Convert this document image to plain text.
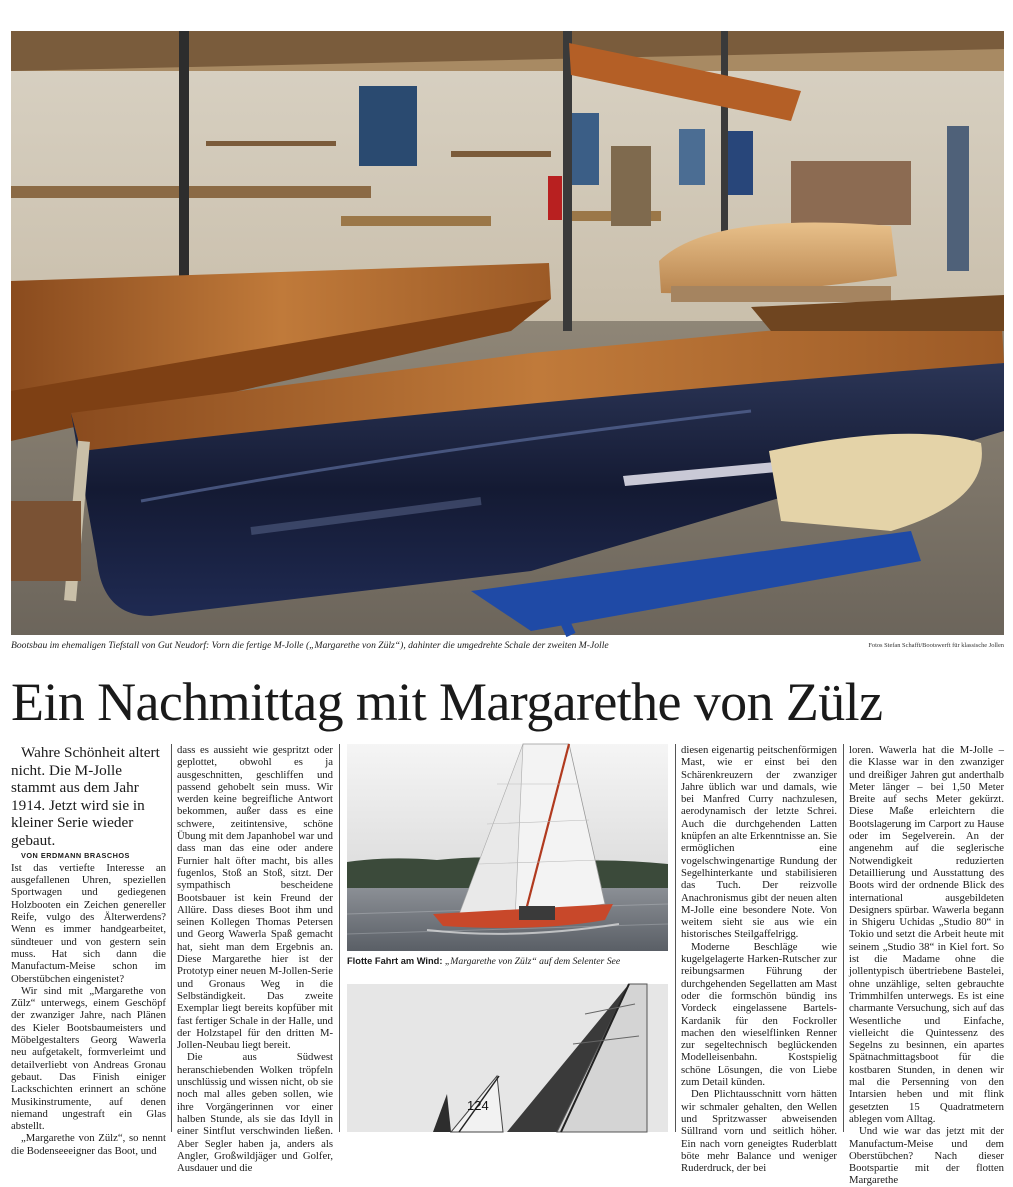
Bootsbau im ehemaligen Tiefstall von Gut Neudorf: Vorn die fertige M-Jolle („Margarethe von Zülz“), dahinter die umgedrehte Schale der zweiten M-Jolle	Fotos Stefan Schafft/Bootswerft für klassische Jollen
Ein Nachmittag mit Margarethe von Zülz

Wahre Schönheit altert nicht. Die M-Jolle stammt aus dem Jahr 1914. Jetzt wird sie in kleiner Serie wieder gebaut.

VON ERDMANN BRASCHOS

Ist das vertiefte Interesse an ausgefallenen Uhren, speziellen Sportwagen und gediegenen Holzbooten ein Zeichen genereller Reife, vulgo des Älterwerdens? Wenn es immer handgearbeitet, sündteuer und von gestern sein muss. Hat sich dann die Manufactum-Meise schon im Oberstübchen eingenistet?

Wir sind mit „Margarethe von Zülz“ unterwegs, einem Geschöpf der zwanziger Jahre, nach Plänen des Kieler Bootsbaumeisters und Möbelgestalters Georg Wawerla neu aufgetakelt, formverleimt und detailverliebt von Andreas Gronau gebaut. Das Finish einiger Lackschichten erinnert an schöne Musikinstrumente, auf denen niemand ungestraft ein Glas abstellt.

„Margarethe von Zülz“, so nennt die Bodenseeeigner das Boot, und

dass es aussieht wie gespritzt oder geplottet, obwohl es ja ausgeschnitten, geschliffen und passend gehobelt sein muss. Wir werden keine begreifliche Antwort bekommen, außer dass es eine schwere, zeitintensive, schöne Übung mit dem Japanhobel war und dass man das eine oder andere Furnier halt öfter macht, bis alles fugenlos, Stoß an Stoß, sitzt. Der sympathisch bescheidene Bootsbauer ist kein Freund der Allüre. Dass dieses Boot ihm und seinen Kollegen Thomas Petersen und Georg Wawerla Spaß gemacht hat, sieht man dem Ergebnis an. Diese Margarethe hier ist der Prototyp einer neuen M-Jollen-Serie und Gronaus Weg in die Selbständigkeit. Das zweite Exemplar liegt bereits kopfüber mit fast fertiger Schale in der Halle, und der Holzstapel für den dritten M-Jollen-Neubau liegt bereit.

Die aus Südwest heranschiebenden Wolken tröpfeln unschlüssig und wissen nicht, ob sie noch mal alles geben sollen, wie ihre Vorgängerinnen vor einer halben Stunde, als sie das Idyll in einer Sintflut verschwinden ließen. Aber Segler haben ja, anders als Angler, Großwildjäger und Golfer, Ausdauer und die

Flotte Fahrt am Wind: „Margarethe von Zülz“ auf dem Selenter See
124

diesen eigenartig peitschenförmigen Mast, wie er einst bei den Schärenkreuzern der zwanziger Jahre üblich war und damals, wie bei Manfred Curry nachzulesen, aerodynamisch der letzte Schrei. Auch die durchgehenden Latten knüpfen an alte Erkenntnisse an. Sie ermöglichen eine vogelschwingenartige Rundung der Segelhinterkante und stabilisieren das Tuch. Der reizvolle Anachronismus gibt der neuen alten M-Jolle eine besondere Note. Von weitem sieht sie aus wie ein historisches Steilgaffelrigg.

Moderne Beschläge wie kugelgelagerte Harken-Rutscher zur reibungsarmen Führung der durchgehenden Segellatten am Mast oder die formschön bündig ins Vordeck eingelassene Bartels-Kardanik für den Fockroller machen den wieselflinken Renner zur segeltechnisch beglückenden Modelleisenbahn. Kostspielig schöne Lösungen, die von Liebe zum Detail künden.

Den Plichtausschnitt vorn hätten wir schmaler gehalten, den Wellen und Spritzwasser abweisenden Süllrand vorn und seitlich höher. Ein nach vorn geneigtes Ruderblatt böte mehr Balance und weniger Ruderdruck, der bei

loren. Wawerla hat die M-Jolle – die Klasse war in den zwanziger und dreißiger Jahren gut anderthalb Meter länger – bei 1,50 Meter Breite auf sechs Meter gekürzt. Diese Maße erleichtern die Bootslagerung im Carport zu Hause oder im Segelverein. An der angenehm auf die seglerische Notwendigkeit reduzierten Detaillierung und Ausstattung des Boots wird der ordnende Blick des international ausgebildeten Designers spürbar. Wawerla begann in Shigeru Uchidas „Studio 80“ in Tokio und setzt die Arbeit heute mit seinem „Studio 38“ in Kiel fort. So ist die Madame ohne die jollentypisch übertriebene Bastelei, ohne unzählige, selten gebrauchte Trimmhilfen unterwegs. Es ist eine charmante Versuchung, sich auf das Wesentliche und Einfache, vielleicht die Quintessenz des Segelns zu besinnen, ein apartes Spätnachmittagsboot für die kostbaren Stunden, in denen wir mal die Persenning von den Intarsien heben und mit flink gesetzten 15 Quadratmetern ablegen vom Alltag.

Und wie war das jetzt mit der Manufactum-Meise und dem Oberstübchen? Nach dieser Bootspartie mit der flotten Margarethe
